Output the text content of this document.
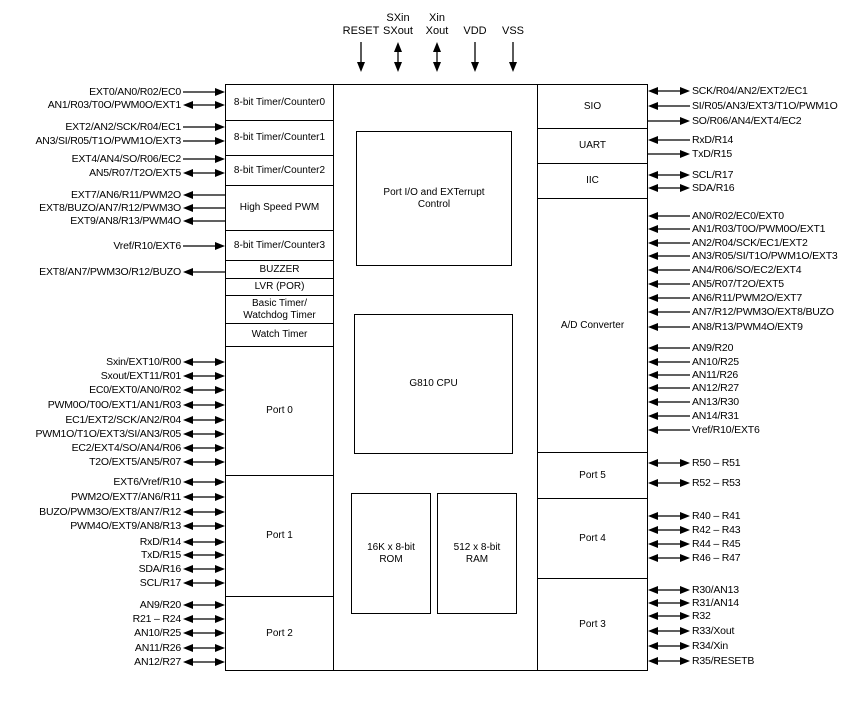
RESET
SXin
SXout
Xin
Xout	VDD	VSS
8-bit Timer/Counter0
8-bit Timer/Counter1
8-bit Timer/Counter2
High Speed PWM
8-bit Timer/Counter3
BUZZER
LVR (POR)
Basic Timer/
Watchdog Timer
Watch Timer
Port 0
Port 1
Port 2
Port I/O and EXTerrupt
Control
G810 CPU
16K x 8-bit
ROM
512 x 8-bit
RAM
SIO
UART
IIC
A/D Converter
Port 5
Port 4
Port 3
EXT0/AN0/R02/EC0
AN1/R03/T0O/PWM0O/EXT1
EXT2/AN2/SCK/R04/EC1
AN3/SI/R05/T1O/PWM1O/EXT3
EXT4/AN4/SO/R06/EC2
AN5/R07/T2O/EXT5
EXT7/AN6/R11/PWM2O
EXT8/BUZO/AN7/R12/PWM3O
EXT9/AN8/R13/PWM4O
Vref/R10/EXT6
EXT8/AN7/PWM3O/R12/BUZO
Sxin/EXT10/R00
Sxout/EXT11/R01
EC0/EXT0/AN0/R02
PWM0O/T0O/EXT1/AN1/R03
EC1/EXT2/SCK/AN2/R04
PWM1O/T1O/EXT3/SI/AN3/R05
EC2/EXT4/SO/AN4/R06
T2O/EXT5/AN5/R07
EXT6/Vref/R10
PWM2O/EXT7/AN6/R11
BUZO/PWM3O/EXT8/AN7/R12
PWM4O/EXT9/AN8/R13
RxD/R14
TxD/R15
SDA/R16
SCL/R17
AN9/R20
R21 – R24
AN10/R25
AN11/R26
AN12/R27
SCK/R04/AN2/EXT2/EC1
SI/R05/AN3/EXT3/T1O/PWM1O
SO/R06/AN4/EXT4/EC2
RxD/R14
TxD/R15
SCL/R17
SDA/R16
AN0/R02/EC0/EXT0
AN1/R03/T0O/PWM0O/EXT1
AN2/R04/SCK/EC1/EXT2
AN3/R05/SI/T1O/PWM1O/EXT3
AN4/R06/SO/EC2/EXT4
AN5/R07/T2O/EXT5
AN6/R11/PWM2O/EXT7
AN7/R12/PWM3O/EXT8/BUZO
AN8/R13/PWM4O/EXT9
AN9/R20
AN10/R25
AN11/R26
AN12/R27
AN13/R30
AN14/R31
Vref/R10/EXT6
R50 – R51
R52 – R53
R40 – R41
R42 – R43
R44 – R45
R46 – R47
R30/AN13
R31/AN14
R32
R33/Xout
R34/Xin
R35/RESETB
